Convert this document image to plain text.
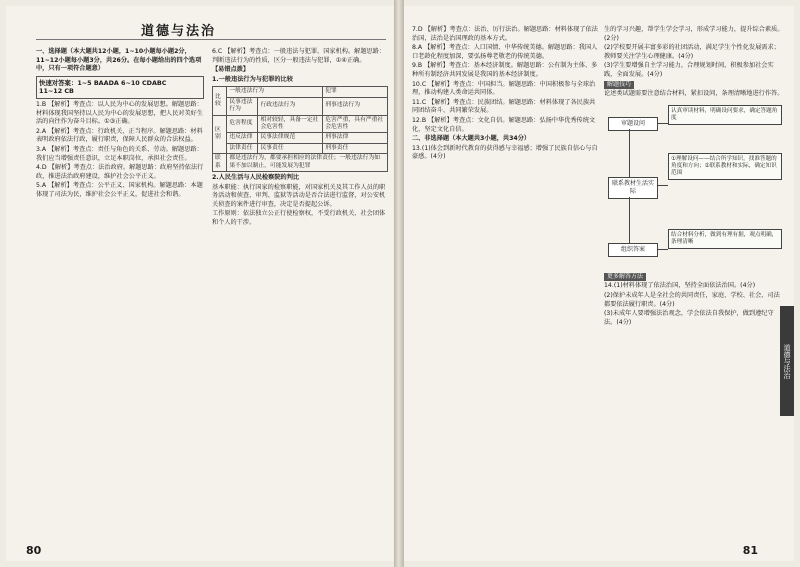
道德与法治

一、选择题（本大题共12小题，1~10小题每小题2分，11~12小题每小题3分，共26分。在每小题给出的四个选项中，只有一项符合题意）

快速对答案：1~5 BAADA 6~10 CDABC
11~12 CB

1.B 【解析】考查点：以人民为中心的发展思想。解题思路：材料体现我国坚持以人民为中心的发展思想，把人民对美好生活的向往作为奋斗目标。①③正确。

2.A 【解析】考查点：行政机关、正当程序。解题思路：材料表明政府依法行政，履行职责，保障人民群众的合法权益。

3.A 【解析】考查点：责任与角色的关系、劳动。解题思路：我们应当增强责任意识，立足本职岗位，承担社会责任。

4.D 【解析】考查点：法治政府。解题思路：政府坚持依法行政，推进法治政府建设，维护社会公平正义。

5.A 【解析】考查点：公平正义、国家机构。解题思路：本题体现了司法为民，维护社会公平正义，促进社会和谐。

6.C 【解析】考查点：一般违法与犯罪、国家机构。解题思路：判断违法行为的性质，区分一般违法与犯罪，①④正确。

【易错点拨】

1.一般违法行为与犯罪的比较

比较	一般违法行为		犯罪
	民事违法行为	行政违法行为	刑事违法行为
区别	危害程度	相对较轻，具备一定社会危害性	危害严重，具有严重社会危害性
	违反法律	民事法律规范	刑事法律
	法律责任	民事责任	刑事责任
联系	都是违法行为，都要承担相应的法律责任；一般违法行为如果不加以制止，可能发展为犯罪		

2.人民生活与人民检察院的判比

基本职能：执行国家的检察职能，对国家机关及其工作人员的职务活动和侦查、审判、监狱等活动是否合法进行监督，对公安机关侦查的案件进行审查，决定是否提起公诉。

工作原则：依法独立公正行使检察权，不受行政机关、社会团体和个人的干涉。

80

7.D 【解析】考查点：法治、厉行法治。解题思路：材料体现了依法治国，法治是治国理政的基本方式。

8.A 【解析】考查点：人口国情、中华传统美德。解题思路：我国人口老龄化程度加深，要弘扬尊老敬老的传统美德。

9.B 【解析】考查点：基本经济制度。解题思路：公有制为主体、多种所有制经济共同发展是我国的基本经济制度。

10.C 【解析】考查点：中国担当。解题思路：中国积极参与全球治理，推动构建人类命运共同体。

11.C 【解析】考查点：民族团结。解题思路：材料体现了各民族共同团结奋斗、共同繁荣发展。

12.B 【解析】考查点：文化自信。解题思路：弘扬中华优秀传统文化，坚定文化自信。

二、非选择题（本大题共3小题，共34分）

13.(1)体会到新时代教育的获得感与幸福感；增强了民族自信心与自豪感。(4分)

生的学习兴趣，帮学生学会学习，形成学习能力，提升综合素质。(2分)

(2)学校要开展丰富多彩的社团活动，满足学生个性化发展需求；教师要关注学生心理健康。(4分)

(3)学生要增强自主学习能力，合理规划时间，积极参加社会实践，全面发展。(4分)

解题技巧

论述类试题需要注意结合材料，紧扣设问，条理清晰地进行作答。

审题设问
联系教材生活实际
组织答案
认真审读材料，明确设问要求，确定答题角度
①理解设问——结合所学知识，找准答题的角度和方向；②联系教材和实际，确定知识范围
结合材料分析，做到有理有据，观点明确，条理清晰

更多解答方法

14.(1)材料体现了依法治国，坚持全面依法治国。(4分)

(2)保护未成年人是全社会的共同责任，家庭、学校、社会、司法都要依法履行职责。(4分)

(3)未成年人要增强法治观念，学会依法自我保护，做到遵纪守法。(4分)

道德与法治
81
